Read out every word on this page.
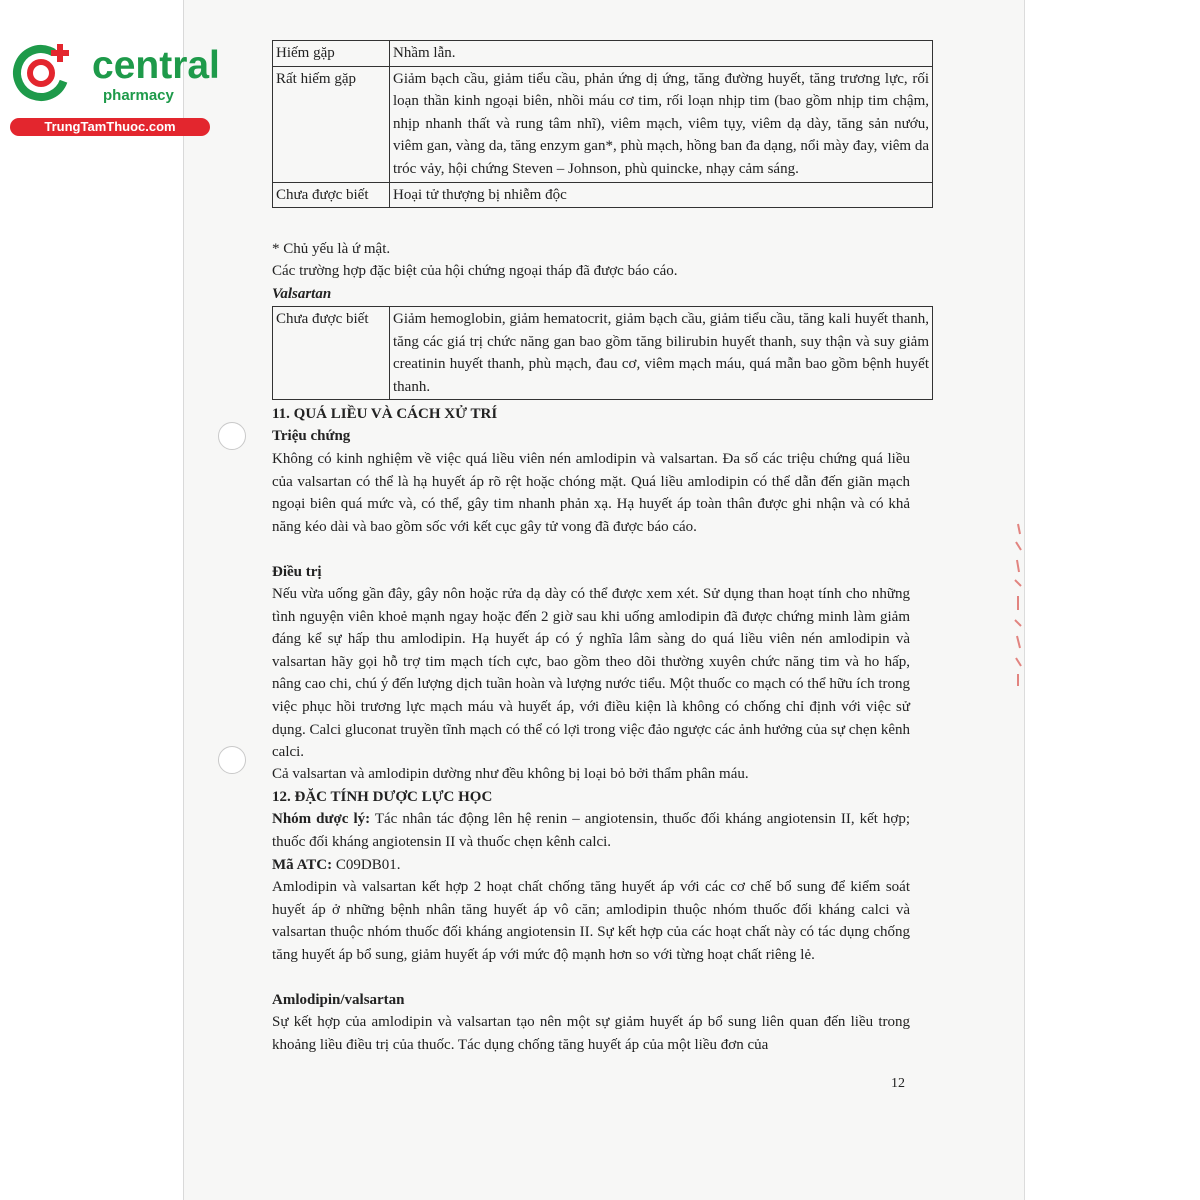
central
pharmacy
TrungTamThuoc.com
Hiếm gặp	Nhầm lẫn.
Rất hiếm gặp	Giảm bạch cầu, giảm tiểu cầu, phản ứng dị ứng, tăng đường huyết, tăng trương lực, rối loạn thần kinh ngoại biên, nhồi máu cơ tim, rối loạn nhịp tim (bao gồm nhịp tim chậm, nhịp nhanh thất và rung tâm nhĩ), viêm mạch, viêm tụy, viêm dạ dày, tăng sản nướu, viêm gan, vàng da, tăng enzym gan*, phù mạch, hồng ban đa dạng, nổi mày đay, viêm da tróc vảy, hội chứng Steven – Johnson, phù quincke, nhạy cảm sáng.
Chưa được biết	Hoại tử thượng bị nhiễm độc
* Chủ yếu là ứ mật.
Các trường hợp đặc biệt của hội chứng ngoại tháp đã được báo cáo.
Valsartan
Chưa được biết	Giảm hemoglobin, giảm hematocrit, giảm bạch cầu, giảm tiểu cầu, tăng kali huyết thanh, tăng các giá trị chức năng gan bao gồm tăng bilirubin huyết thanh, suy thận và suy giảm creatinin huyết thanh, phù mạch, đau cơ, viêm mạch máu, quá mẫn bao gồm bệnh huyết thanh.
11. QUÁ LIỀU VÀ CÁCH XỬ TRÍ
Triệu chứng
Không có kinh nghiệm về việc quá liều viên nén amlodipin và valsartan. Đa số các triệu chứng quá liều của valsartan có thể là hạ huyết áp rõ rệt hoặc chóng mặt. Quá liều amlodipin có thể dẫn đến giãn mạch ngoại biên quá mức và, có thể, gây tim nhanh phản xạ. Hạ huyết áp toàn thân được ghi nhận và có khả năng kéo dài và bao gồm sốc với kết cục gây tử vong đã được báo cáo.
Điều trị
Nếu vừa uống gần đây, gây nôn hoặc rửa dạ dày có thể được xem xét. Sử dụng than hoạt tính cho những tình nguyện viên khoẻ mạnh ngay hoặc đến 2 giờ sau khi uống amlodipin đã được chứng minh làm giảm đáng kể sự hấp thu amlodipin. Hạ huyết áp có ý nghĩa lâm sàng do quá liều viên nén amlodipin và valsartan hãy gọi hỗ trợ tim mạch tích cực, bao gồm theo dõi thường xuyên chức năng tim và ho hấp, nâng cao chi, chú ý đến lượng dịch tuần hoàn và lượng nước tiểu. Một thuốc co mạch có thể hữu ích trong việc phục hồi trương lực mạch máu và huyết áp, với điều kiện là không có chống chỉ định với việc sử dụng. Calci gluconat truyền tĩnh mạch có thể có lợi trong việc đảo ngược các ảnh hưởng của sự chẹn kênh calci.
Cả valsartan và amlodipin dường như đều không bị loại bỏ bởi thẩm phân máu.
12. ĐẶC TÍNH DƯỢC LỰC HỌC
Nhóm dược lý: Tác nhân tác động lên hệ renin – angiotensin, thuốc đối kháng angiotensin II, kết hợp; thuốc đối kháng angiotensin II và thuốc chẹn kênh calci.
Mã ATC: C09DB01.
Amlodipin và valsartan kết hợp 2 hoạt chất chống tăng huyết áp với các cơ chế bổ sung để kiểm soát huyết áp ở những bệnh nhân tăng huyết áp vô căn; amlodipin thuộc nhóm thuốc đối kháng calci và valsartan thuộc nhóm thuốc đối kháng angiotensin II. Sự kết hợp của các hoạt chất này có tác dụng chống tăng huyết áp bổ sung, giảm huyết áp với mức độ mạnh hơn so với từng hoạt chất riêng lẻ.
Amlodipin/valsartan
Sự kết hợp của amlodipin và valsartan tạo nên một sự giảm huyết áp bổ sung liên quan đến liều trong khoảng liều điều trị của thuốc. Tác dụng chống tăng huyết áp của một liều đơn của
12
